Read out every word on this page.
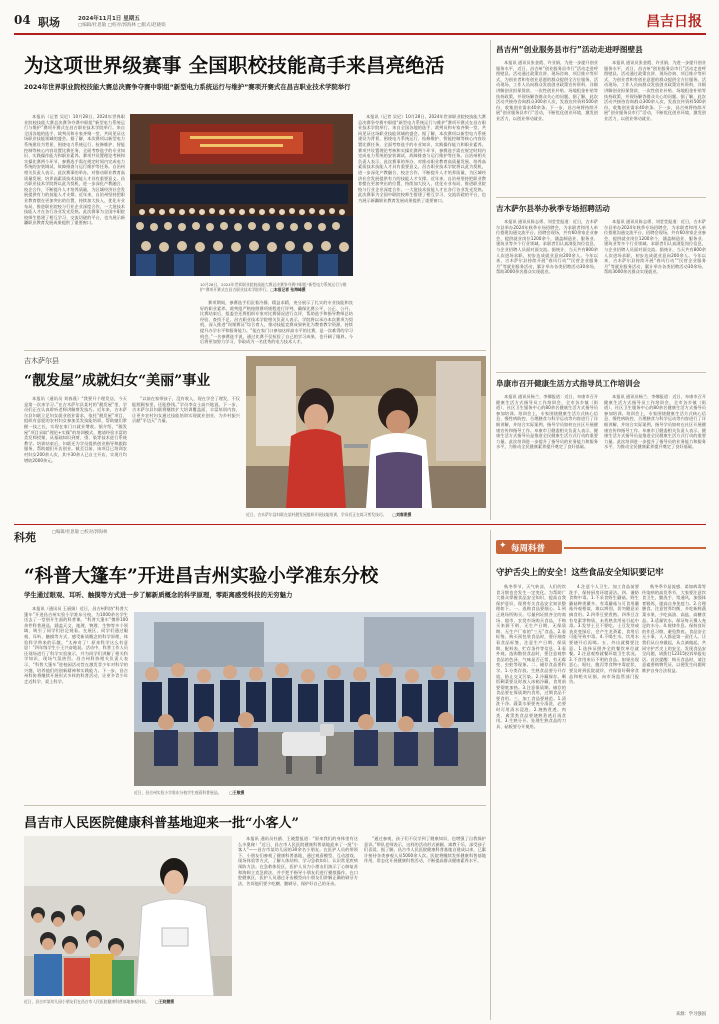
04 职场	2024年11月1日 星期五
□编辑/杜思敏 □校对/郭海林 □版式/赵晓娟	昌吉日报
为这项世界级赛事 全国职校技能高手来昌亮绝活
2024年世界职业院校技能大赛总决赛争夺赛中职组“新型电力系统运行与维护”赛项开赛式在昌吉职业技术学院举行

本报讯（记者 吴尼）10月28日，2024年世界职业院校技能大赛总决赛争夺赛中职组“新型电力系统运行与维护”赛项开赛式在昌吉职业技术学院举行。来自全国各地的选手、裁判员和专家齐聚一堂，共同见证这场职业技能领域的盛会。据了解，本次赛项以新型电力系统建设为背景，围绕电力系统运行、检修维护、智能控制等核心内容设置比赛任务，全面考察选手的专业知识、实践操作能力和职业素养。赛项共设置理论考核和实操比赛两个环节，参赛选手需在规定时间内完成电力系统的安装调试、故障排查与运行维护等任务。自治州相关负责人表示，此次赛事的举办，对推动职业教育高质量发展、培养高素质技术技能人才具有重要意义。昌吉职业技术学院将以此为契机，进一步深化产教融合、校企合作，不断提升人才培养质量，为区域经济社会发展提供有力的技能人才支撑。近年来，自治州坚持把职业教育摆在更加突出的位置，持续加大投入，优化专业布局，推进职业院校与行业企业深度合作，一大批技术技能人才在各行各业发光发热。此次赛事为全国中职院校师生搭建了相互学习、交流切磋的平台，也为展示新疆职业教育发展成果提供了重要窗口。

10月28日，2024年世界职业院校技能大赛总决赛争夺赛中职组“新型电力系统运行与维护”赛项开赛式在昌吉职业技术学院举行。□本报记者 张海峰摄

赛项期间，参赛选手们沉着冷静、精益求精，充分展示了扎实的专业技能和良好的职业素养。裁判组严格按照赛项规程进行评判，确保比赛公平、公正、公开。比赛结束后，组委会还将组织专家对比赛情况进行点评，帮助选手和指导教师总结经验、查找不足。昌吉职业技术学院相关负责人表示，学院将以承办本次赛项为契机，深入推进“岗课赛证”综合育人，推动技能竞赛成果转化为教育教学资源，持续提升办学水平和服务能力。“能在家门口参加这样高水平的比赛，是一次难得的学习机会。”一名参赛选手说，通过比赛不仅检验了自己的学习成果，也开阔了眼界，今后将更加努力学习，争取成为一名优秀的电力技术人才。

本报讯（记者 吴尼）10月28日，2024年世界职业院校技能大赛总决赛争夺赛中职组“新型电力系统运行与维护”赛项开赛式在昌吉职业技术学院举行。来自全国各地的选手、裁判员和专家齐聚一堂，共同见证这场职业技能领域的盛会。据了解，本次赛项以新型电力系统建设为背景，围绕电力系统运行、检修维护、智能控制等核心内容设置比赛任务，全面考察选手的专业知识、实践操作能力和职业素养。赛项共设置理论考核和实操比赛两个环节，参赛选手需在规定时间内完成电力系统的安装调试、故障排查与运行维护等任务。自治州相关负责人表示，此次赛事的举办，对推动职业教育高质量发展、培养高素质技术技能人才具有重要意义。昌吉职业技术学院将以此为契机，进一步深化产教融合、校企合作，不断提升人才培养质量，为区域经济社会发展提供有力的技能人才支撑。近年来，自治州坚持把职业教育摆在更加突出的位置，持续加大投入，优化专业布局，推进职业院校与行业企业深度合作，一大批技术技能人才在各行各业发光发热。此次赛事为全国中职院校师生搭建了相互学习、交流切磋的平台，也为展示新疆职业教育发展成果提供了重要窗口。

吉木萨尔县
“靓发屋”成就妇女“美丽”事业

本报讯（通讯员 刘春燕）“我要开个理发店，今天是第一次来学习。”在吉木萨尔县某村的“靓发屋”里，学员们正在认真聆听老师讲解剪发技巧。近年来，吉木萨尔县妇联立足妇女就业创业需求，依托“靓发屋”项目，组织有意愿的农村妇女参加美发技能培训，帮助她们掌握一技之长，实现在家门口就业增收。据介绍，“靓发屋”项目采取“理论+实操”的培训模式，邀请经验丰富的美发师授课，从基础知识到剪、烫、染等技术进行系统教学。培训结束后，妇联还为学员提供创业指导和跟踪服务，帮助她们开店创业。截至目前，该项目已培训农村妇女200余人次，其中30余人已自主开店，实现月均增收2000余元。

“以前在家带孩子，没有收入，现在学会了理发，不仅能照顾家里，还能挣钱。”学员李女士高兴地说。下一步，吉木萨尔县妇联将继续扩大培训覆盖面，丰富培训内容，让更多农村妇女通过技能培训实现就业创业，为乡村振兴贡献“半边天”力量。

近日，吉木萨尔县妇联在某村靓发屋组织开展技能培训，学员们正在练习剪发技巧。 □刘春燕摄
昌吉州“创业服务县市行”活动走进呼图壁县

本报讯 通讯员张金霞、许亚娟，为进一步提升创业服务水平，近日，昌吉州“创业服务县市行”活动走进呼图壁县。活动通过政策宣讲、现场咨询、项目推介等形式，为创业者和有创业意愿的群众提供全方位服务。活动现场，工作人员向群众发放创业政策宣传资料，详细讲解创业担保贷款、一次性创业补贴、场地租金补贴等扶持政策，并现场解答群众关心的问题。据了解，此次活动共接待咨询群众300余人次，发放宣传资料500余份，收集创业需求40余条。下一步，昌吉州将持续开展“创业服务县市行”活动，不断优化创业环境，激发创业活力，以创业带动就业。

本报讯 通讯员张金霞、许亚娟，为进一步提升创业服务水平，近日，昌吉州“创业服务县市行”活动走进呼图壁县。活动通过政策宣讲、现场咨询、项目推介等形式，为创业者和有创业意愿的群众提供全方位服务。活动现场，工作人员向群众发放创业政策宣传资料，详细讲解创业担保贷款、一次性创业补贴、场地租金补贴等扶持政策，并现场解答群众关心的问题。据了解，此次活动共接待咨询群众300余人次，发放宣传资料500余份，收集创业需求40余条。下一步，昌吉州将持续开展“创业服务县市行”活动，不断优化创业环境，激发创业活力，以创业带动就业。

吉木萨尔县举办秋季专场招聘活动

本报讯 通讯员陈志勇、刘莹莹报道：近日，吉木萨尔县举办2024年秋季专场招聘会，为求职者和用人单位搭建沟通交流平台。招聘会现场，共有60余家企业参会，提供就业岗位1200余个，涵盖制造业、服务业、建筑业等多个行业领域。求职者们认真浏览岗位信息，与企业招聘人员面对面交流。据统计，当天共有800余人次进场求职，初步达成就业意向200余人。今年以来，吉木萨尔县持续开展“春风行动”“民营企业服务月”等就业服务活动，累计举办各类招聘活动30余场，帮助3000余名群众实现就业。

本报讯 通讯员陈志勇、刘莹莹报道：近日，吉木萨尔县举办2024年秋季专场招聘会，为求职者和用人单位搭建沟通交流平台。招聘会现场，共有60余家企业参会，提供就业岗位1200余个，涵盖制造业、服务业、建筑业等多个行业领域。求职者们认真浏览岗位信息，与企业招聘人员面对面交流。据统计，当天共有800余人次进场求职，初步达成就业意向200余人。今年以来，吉木萨尔县持续开展“春风行动”“民营企业服务月”等就业服务活动，累计举办各类招聘活动30余场，帮助3000余名群众实现就业。

阜康市召开健康生活方式指导员工作培训会

本报讯 通讯员杨兰、李娜报道：近日，阜康市召开健康生活方式指导员工作培训会，全市各乡镇（街道）、社区卫生服务中心的80余名健康生活方式指导员参加培训。培训会上，专家围绕健康生活方式核心信息、慢性病防控、合理膳食与科学运动等内容进行了详细讲解，并结合实际案例，指导学员如何在社区开展健康宣传和指导工作。阜康市卫健委相关负责人表示，健康生活方式指导员是推进全民健康生活方式行动的重要力量。此次培训进一步提升了指导员的业务能力和服务水平，为推动全民健康素养提升奠定了良好基础。

本报讯 通讯员杨兰、李娜报道：近日，阜康市召开健康生活方式指导员工作培训会，全市各乡镇（街道）、社区卫生服务中心的80余名健康生活方式指导员参加培训。培训会上，专家围绕健康生活方式核心信息、慢性病防控、合理膳食与科学运动等内容进行了详细讲解，并结合实际案例，指导学员如何在社区开展健康宣传和指导工作。阜康市卫健委相关负责人表示，健康生活方式指导员是推进全民健康生活方式行动的重要力量。此次培训进一步提升了指导员的业务能力和服务水平，为推动全民健康素养提升奠定了良好基础。

科苑	□编辑/杜思敏 □校对/郭海林
“科普大篷车”开进昌吉州实验小学准东分校
学生通过眼观、耳听、触摸等方式进一步了解新质概念的科学原理，零距离感受科技的无穷魅力

本报讯（通讯员 王丽娟）近日，昌吉州科协“科普大篷车”开进昌吉州实验小学准东分校，为1000余名学生送去了一堂别开生面的科普课。“科普大篷车”携带100余件科普展品，涵盖天文、地理、物理、生物等多个领域，吸引了同学们驻足观看。在展区，同学们通过眼观、耳听、触摸等方式，感受新质概念的科学原理，体验科学带来的乐趣。“太神奇了！原来科学这么有意思！”四年级学生小王兴奋地说。活动中，科普工作人员还现场进行了科学实验演示，并为同学们讲解了相关科学知识，现场气氛热烈。昌吉州科协相关负责人表示，“科普大篷车”进校园活动旨在激发青少年对科学的兴趣，培养他们的创新精神和实践能力。下一步，昌吉州科协将继续开展形式多样的科普活动，让更多青少年走近科学、爱上科学。

近日，昌吉州实验小学准东分校学生观看科普展品。 □王敏摄
昌吉市人民医院健康科普基地迎来一批“小客人”
近日，昌吉市某幼儿园小朋友们在昌吉市人民医院健康科普基地参观体验。 □王晓慧摄

本报讯 通讯员杜鹃、王晓慧报道：“原来我们的身体里有这么多奥秘！”近日，昌吉市人民医院健康科普基地迎来了一批“小客人”——昌吉市某幼儿园的30余名小朋友。在医护人员的带领下，小朋友们参观了健康科普基地，通过观看模型、互动游戏、现场体验等方式，了解人体结构、学习急救知识、认识常见疾病预防方法。在急救体验区，医护人员为小朋友们演示了心肺复苏和海姆立克急救法，并手把手指导小朋友们进行模拟操作。在口腔健康区，医护人员通过牙齿模型向小朋友们讲解正确的刷牙方法，告诉他们要少吃糖、勤刷牙，保护好自己的牙齿。

“通过参观，孩子们不仅学到了健康知识，也增强了自我保护意识。”带队老师表示，这样的活动形式新颖、寓教于乐，深受孩子们喜爱。据了解，昌吉市人民医院健康科普基地自建成以来，已累计接待各类参观人员5000余人次。医院将继续发挥健康科普基地作用，常态化开展健康科普活动，不断提高群众健康素养水平。

✦ 每周科普
守护舌尖上的安全！这些食品安全知识要记牢

秋冬季节，天气转凉，人们的饮食习惯也会发生一定变化。为帮助广大群众掌握食品安全知识，提高自我保护意识，现将有关食品安全知识整理如下。一、选购食品要细心。1.到正规场所购买。尽量到证照齐全的商场、超市、农贸市场购买食品，不购买来源不明、无生产日期、无保质期、无生产厂家的“三无”食品。2.看标签。购买预包装食品时，要仔细查看食品标签，注意生产日期、保质期、配料表、贮存条件等信息。3.看外观。选购散装食品时，要注意观察食品的色泽、气味是否正常，有无霉变、虫蛀等现象。二、储存食品要科学。1.分类存放。生熟食品要分开存放，防止交叉污染。2.冷藏保存。剩饭剩菜要及时放入冰箱冷藏，食用前要彻底加热。3.注意保质期。储存的食品要在保质期内食用，过期食品不要食用。三、加工食品要规范。1.清洗干净。蔬菜水果要充分清洗，必要时可用清水浸泡。2.烧熟煮透。肉类、禽蛋类食品要烧熟煮透后再食用。3.生熟分开。处理生熟食品的刀具、砧板要分开使用。

4.注意个人卫生。加工食品前要洗手，保持厨房环境清洁。四、谨防食物中毒。1.不采食野生蘑菇。野生蘑菇种类繁多，有毒蘑菇与可食用蘑菇外观相似，难以辨别，切勿随意采摘食用。2.四季豆要煮熟。四季豆含有皂素等物质，未煮熟食用易引起中毒。3.发芽土豆不要吃。土豆发芽或表皮变绿后，会产生龙葵素，食用后可能导致中毒。4.不喝生水。饮用水要烧开后再喝。五、外出就餐要注意。1.选择证照齐全的餐饮单位就餐。2.注意观察就餐环境卫生状况。3.不食用来历不明的食品。如果出现恶心、呕吐、腹泻等食物中毒症状，要及时到医院就诊，并保留好剩余食品和相关证据，向市场监管部门报告。

秋冬季节是流感、诺如病毒等传染病的高发季节，大家要注意饮食卫生，勤洗手、常通风，加强体育锻炼，提高自身免疫力。2.合理膳食。注意营养均衡，多吃新鲜蔬菜水果，少吃高油、高盐、高糖食品。3.适量饮水。保证每天摄入充足的水分。4.规律作息。保持良好的作息习惯，避免熬夜。食品安全无小事，人人都是第一责任人。让我们从自身做起，从点滴做起，共同守护舌尖上的安全。发现食品安全问题，请拨打12315投诉举报电话。首次提醒：购买食品时，请注意索要购物凭证，以便发生问题时维护自身合法权益。

来源：学习强国
